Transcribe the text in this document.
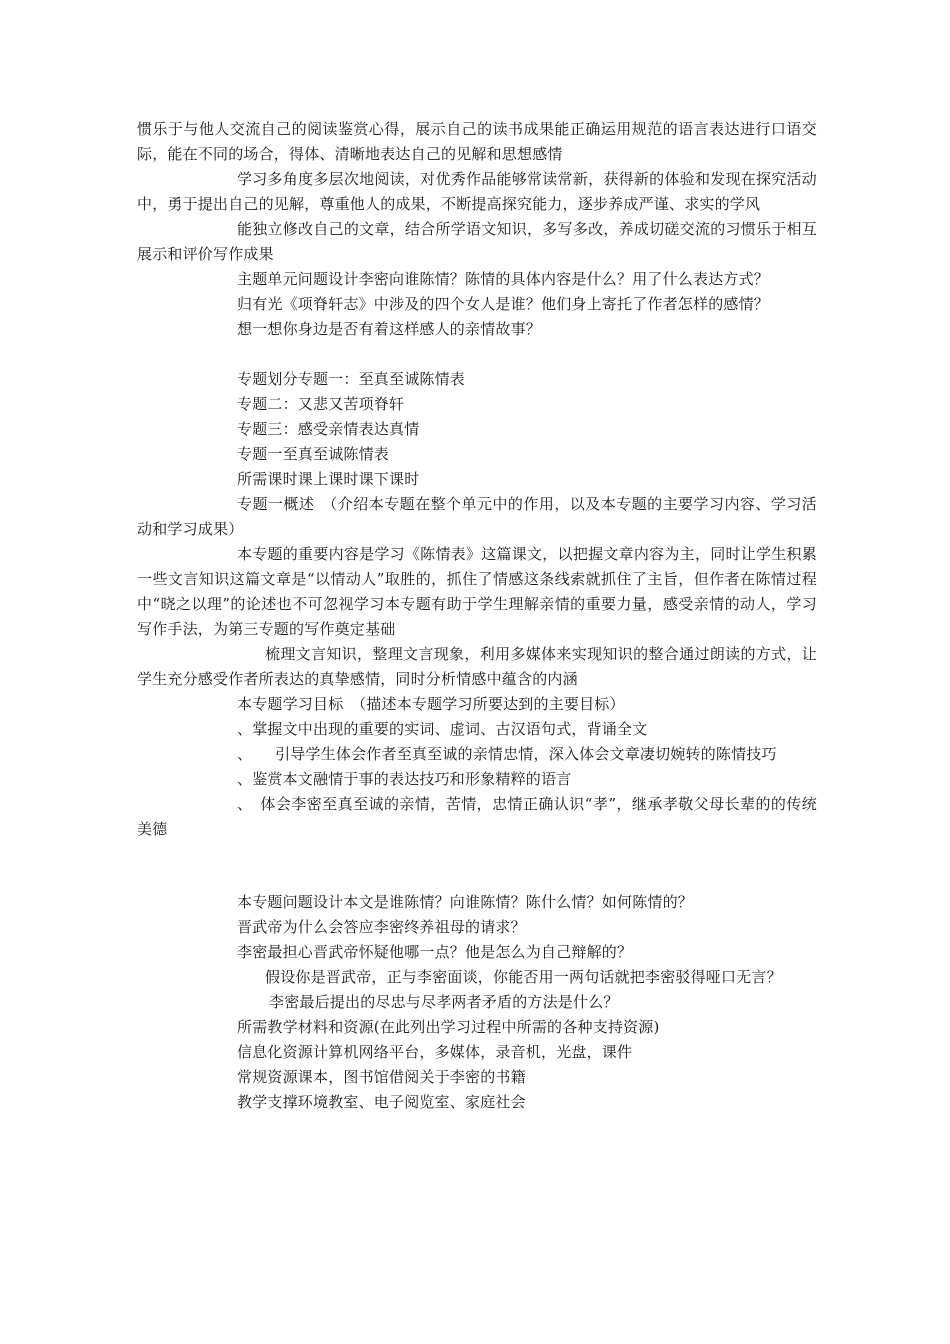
惯乐于与他人交流自己的阅读鉴赏心得，展示自己的读书成果能正确运用规范的语言表达进行口语交际，能在不同的场合，得体、清晰地表达自己的见解和思想感情

学习多角度多层次地阅读，对优秀作品能够常读常新，获得新的体验和发现在探究活动中，勇于提出自己的见解，尊重他人的成果，不断提高探究能力，逐步养成严谨、求实的学风

能独立修改自己的文章，结合所学语文知识，多写多改，养成切磋交流的习惯乐于相互展示和评价写作成果

主题单元问题设计李密向谁陈情？陈情的具体内容是什么？用了什么表达方式？

归有光《项脊轩志》中涉及的四个女人是谁？他们身上寄托了作者怎样的感情？

想一想你身边是否有着这样感人的亲情故事？

专题划分专题一：至真至诚陈情表

专题二：又悲又苦项脊轩

专题三：感受亲情表达真情

专题一至真至诚陈情表

所需课时课上课时课下课时

专题一概述　（介绍本专题在整个单元中的作用，以及本专题的主要学习内容、学习活动和学习成果）

本专题的重要内容是学习《陈情表》这篇课文，以把握文章内容为主，同时让学生积累一些文言知识这篇文章是“以情动人”取胜的，抓住了情感这条线索就抓住了主旨，但作者在陈情过程中“晓之以理”的论述也不可忽视学习本专题有助于学生理解亲情的重要力量，感受亲情的动人，学习写作手法，为第三专题的写作奠定基础

梳理文言知识，整理文言现象，利用多媒体来实现知识的整合通过朗读的方式，让学生充分感受作者所表达的真挚感情，同时分析情感中蕴含的内涵

本专题学习目标　（描述本专题学习所要达到的主要目标）

、掌握文中出现的重要的实词、虚词、古汉语句式，背诵全文

、　　引导学生体会作者至真至诚的亲情忠情，深入体会文章凄切婉转的陈情技巧

、鉴赏本文融情于事的表达技巧和形象精粹的语言

、　体会李密至真至诚的亲情，苦情，忠情正确认识“孝”，继承孝敬父母长辈的的传统美德

本专题问题设计本文是谁陈情？向谁陈情？陈什么情？如何陈情的？

晋武帝为什么会答应李密终养祖母的请求？

李密最担心晋武帝怀疑他哪一点？他是怎么为自己辩解的？

假设你是晋武帝，正与李密面谈，你能否用一两句话就把李密驳得哑口无言？

李密最后提出的尽忠与尽孝两者矛盾的方法是什么？

所需教学材料和资源(在此列出学习过程中所需的各种支持资源)

信息化资源计算机网络平台，多媒体，录音机，光盘，课件

常规资源课本，图书馆借阅关于李密的书籍

教学支撑环境教室、电子阅览室、家庭社会
